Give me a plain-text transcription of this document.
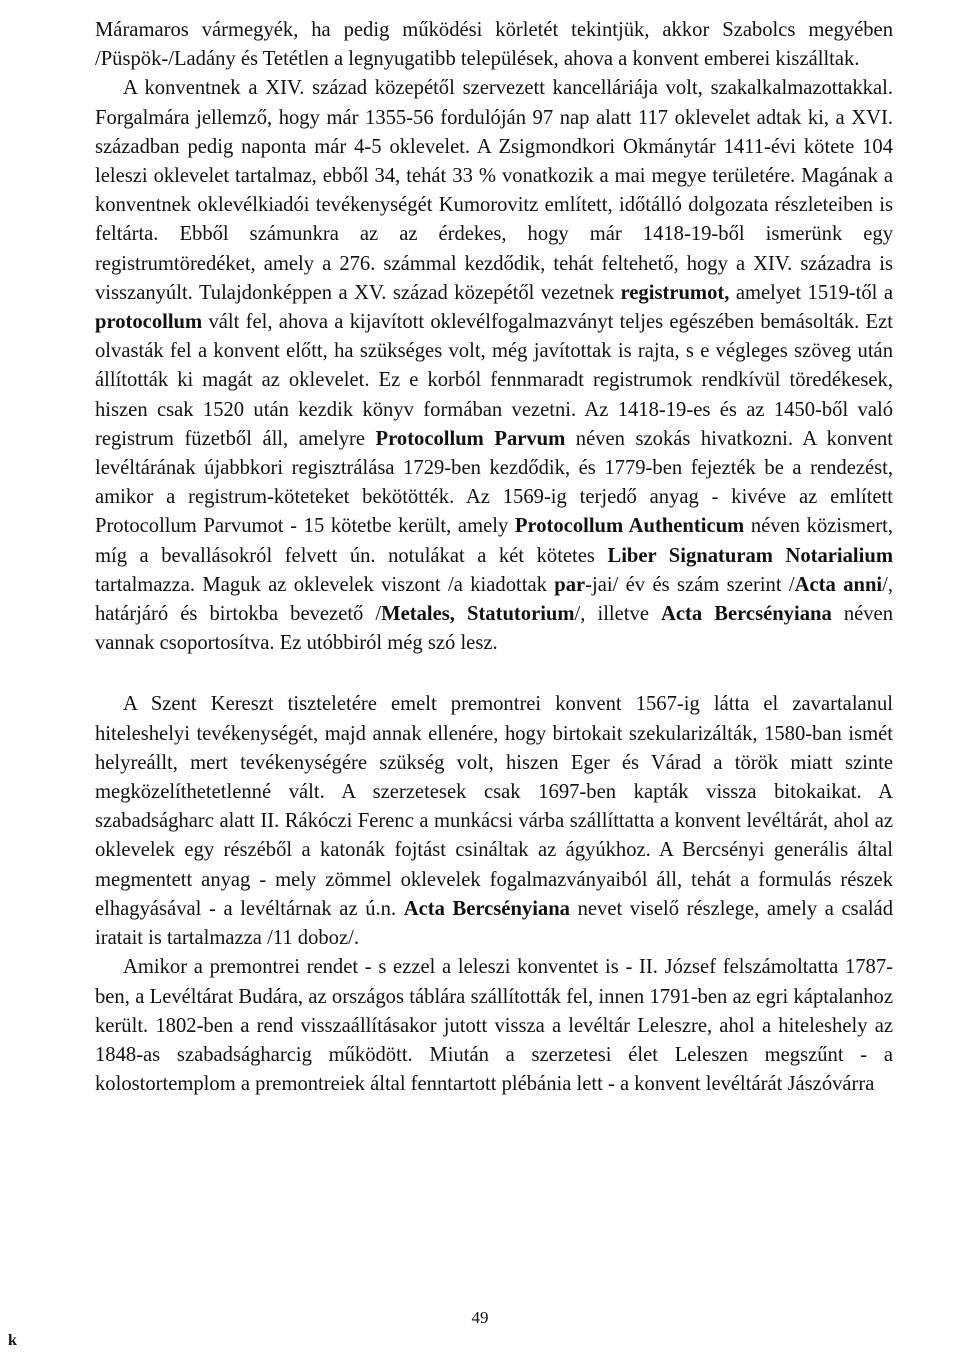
Máramaros vármegyék, ha pedig működési körletét tekintjük, akkor Szabolcs megyében /Püspök-/Ladány és Tetétlen a legnyugatibb települések, ahova a konvent emberei kiszálltak.

A konventnek a XIV. század közepétől szervezett kancelláriája volt, szakalkalmazottakkal. Forgalmára jellemző, hogy már 1355-56 fordulóján 97 nap alatt 117 oklevelet adtak ki, a XVI. században pedig naponta már 4-5 oklevelet. A Zsigmondkori Okmánytár 1411-évi kötete 104 leleszi oklevelet tartalmaz, ebből 34, tehát 33 % vonatkozik a mai megye területére. Magának a konventnek oklevélkiadói tevékenységét Kumorovitz említett, időtálló dolgozata részleteiben is feltárta. Ebből számunkra az az érdekes, hogy már 1418-19-ből ismerünk egy registrumtöredéket, amely a 276. számmal kezdődik, tehát feltehető, hogy a XIV. századra is visszanyúlt. Tulajdonképpen a XV. század közepétől vezetnek registrumot, amelyet 1519-től a protocollum vált fel, ahova a kijavított oklevélfogalmazványt teljes egészében bemásolták. Ezt olvasták fel a konvent előtt, ha szükséges volt, még javítottak is rajta, s e végleges szöveg után állították ki magát az oklevelet. Ez e korból fennmaradt registrumok rendkívül töredékesek, hiszen csak 1520 után kezdik könyv formában vezetni. Az 1418-19-es és az 1450-ből való registrum füzetből áll, amelyre Protocollum Parvum néven szokás hivatkozni. A konvent levéltárának újabbkori regisztrálása 1729-ben kezdődik, és 1779-ben fejezték be a rendezést, amikor a registrum-köteteket bekötötték. Az 1569-ig terjedő anyag - kivéve az említett Protocollum Parvumot - 15 kötetbe került, amely Protocollum Authenticum néven közismert, míg a bevallásokról felvett ún. notulákat a két kötetes Liber Signaturam Notarialium tartalmazza. Maguk az oklevelek viszont /a kiadottak par-jai/ év és szám szerint /Acta anni/, határjáró és birtokba bevezető /Metales, Statutorium/, illetve Acta Bercsényiana néven vannak csoportosítva. Ez utóbbiról még szó lesz.

A Szent Kereszt tiszteletére emelt premontrei konvent 1567-ig látta el zavartalanul hiteleshelyi tevékenységét, majd annak ellenére, hogy birtokait szekularizálták, 1580-ban ismét helyreállt, mert tevékenységére szükség volt, hiszen Eger és Várad a török miatt szinte megközelíthetetlenné vált. A szerzetesek csak 1697-ben kapták vissza bitokaikat. A szabadságharc alatt II. Rákóczi Ferenc a munkácsi várba szállíttatta a konvent levéltárát, ahol az oklevelek egy részéből a katonák fojtást csináltak az ágyúkhoz. A Bercsényi generális által megmentett anyag - mely zömmel oklevelek fogalmazványaiból áll, tehát a formulás részek elhagyásával - a levéltárnak az ú.n. Acta Bercsényiana nevet viselő részlege, amely a család iratait is tartalmazza /11 doboz/.

Amikor a premontrei rendet - s ezzel a leleszi konventet is - II. József felszámoltatta 1787-ben, a Levéltárat Budára, az országos táblára szállították fel, innen 1791-ben az egri káptalanhoz került. 1802-ben a rend visszaállításakor jutott vissza a levéltár Leleszre, ahol a hiteleshely az 1848-as szabadságharcig működött. Miután a szerzetesi élet Leleszen megszűnt - a kolostortemplom a premontreiek által fenntartott plébánia lett - a konvent levéltárát Jászóvárra

49
k
